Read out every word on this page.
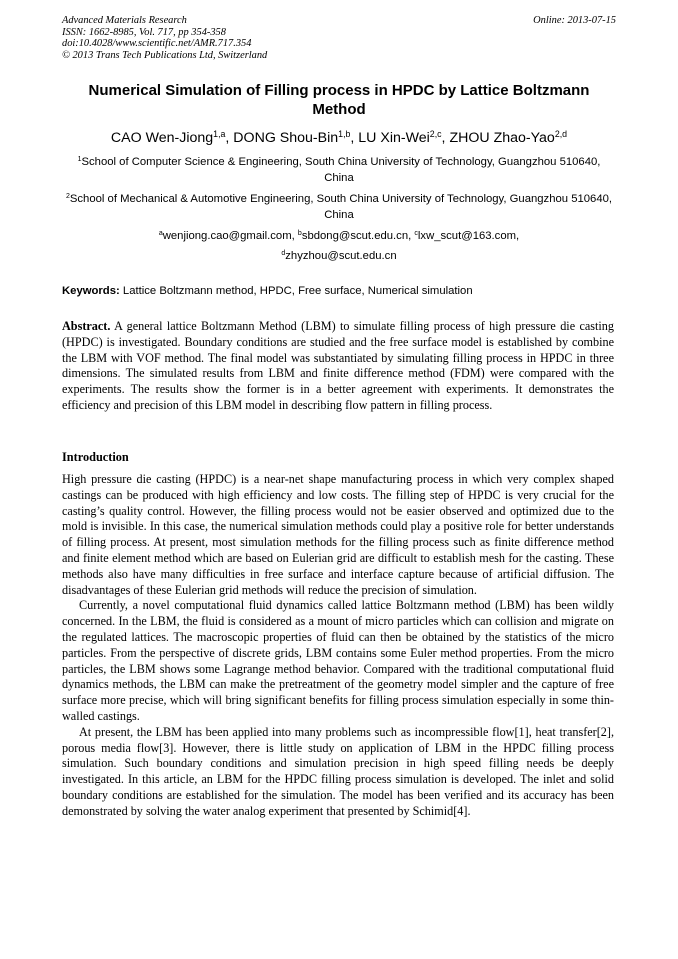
Advanced Materials Research
ISSN: 1662-8985, Vol. 717, pp 354-358
doi:10.4028/www.scientific.net/AMR.717.354
© 2013 Trans Tech Publications Ltd, Switzerland
Online: 2013-07-15
Numerical Simulation of Filling process in HPDC by Lattice Boltzmann Method
CAO Wen-Jiong$^{1,a}$, DONG Shou-Bin$^{1,b}$, LU Xin-Wei$^{2,c}$, ZHOU Zhao-Yao$^{2,d}$
$^1$School of Computer Science & Engineering, South China University of Technology, Guangzhou 510640, China
$^2$School of Mechanical & Automotive Engineering, South China University of Technology, Guangzhou 510640, China
$^a$wenjiong.cao@gmail.com, $^b$sbdong@scut.edu.cn, $^c$lxw_scut@163.com,
$^d$zhyzhou@scut.edu.cn
Keywords: Lattice Boltzmann method, HPDC, Free surface, Numerical simulation

Abstract. A general lattice Boltzmann Method (LBM) to simulate filling process of high pressure die casting (HPDC) is investigated. Boundary conditions are studied and the free surface model is established by combine the LBM with VOF method. The final model was substantiated by simulating filling process in HPDC in three dimensions. The simulated results from LBM and finite difference method (FDM) were compared with the experiments. The results show the former is in a better agreement with experiments. It demonstrates the efficiency and precision of this LBM model in describing flow pattern in filling process.

Introduction

High pressure die casting (HPDC) is a near-net shape manufacturing process in which very complex shaped castings can be produced with high efficiency and low costs. The filling step of HPDC is very crucial for the casting’s quality control. However, the filling process would not be easier observed and optimized due to the mold is invisible. In this case, the numerical simulation methods could play a positive role for better understands of filling process. At present, most simulation methods for the filling process such as finite difference method and finite element method which are based on Eulerian grid are difficult to establish mesh for the casting. These methods also have many difficulties in free surface and interface capture because of artificial diffusion. The disadvantages of these Eulerian grid methods will reduce the precision of simulation.

Currently, a novel computational fluid dynamics called lattice Boltzmann method (LBM) has been wildly concerned. In the LBM, the fluid is considered as a mount of micro particles which can collision and migrate on the regulated lattices. The macroscopic properties of fluid can then be obtained by the statistics of the micro particles. From the perspective of discrete grids, LBM contains some Euler method properties. From the micro particles, the LBM shows some Lagrange method behavior. Compared with the traditional computational fluid dynamics methods, the LBM can make the pretreatment of the geometry model simpler and the capture of free surface more precise, which will bring significant benefits for filling process simulation especially in some thin-walled castings.

At present, the LBM has been applied into many problems such as incompressible flow[1], heat transfer[2], porous media flow[3]. However, there is little study on application of LBM in the HPDC filling process simulation. Such boundary conditions and simulation precision in high speed filling needs be deeply investigated. In this article, an LBM for the HPDC filling process simulation is developed. The inlet and solid boundary conditions are established for the simulation. The model has been verified and its accuracy has been demonstrated by solving the water analog experiment that presented by Schimid[4].
